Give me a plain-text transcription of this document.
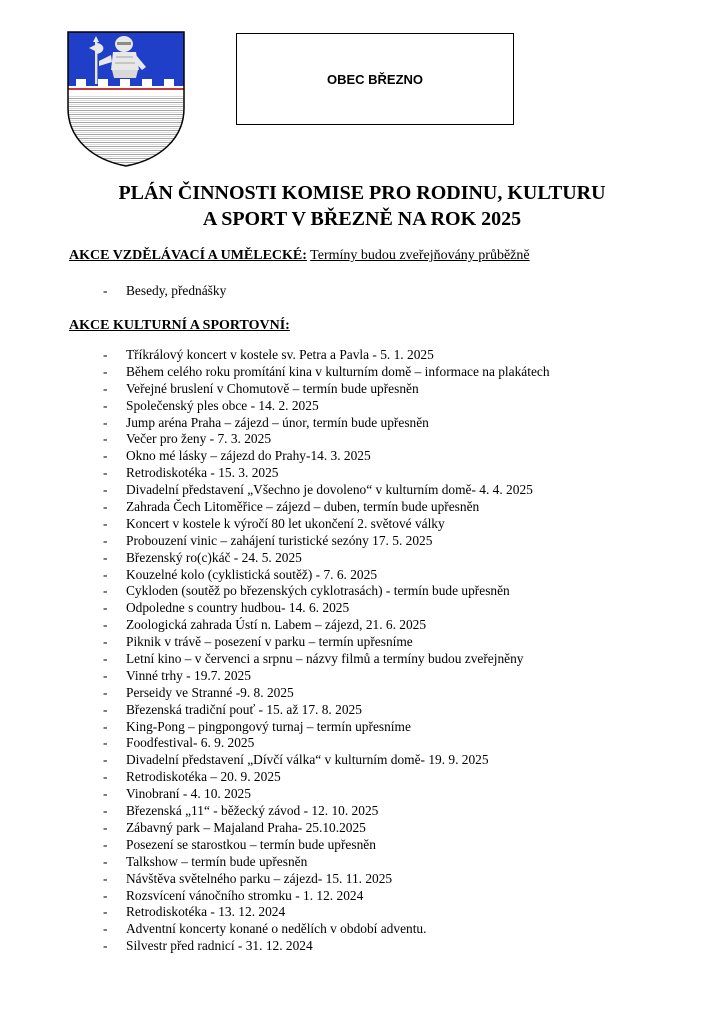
OBEC BŘEZNO
PLÁN ČINNOSTI KOMISE PRO RODINU, KULTURU
A SPORT V BŘEZNĚ NA ROK 2025
AKCE VZDĚLÁVACÍ A UMĚLECKÉ: Termíny budou zveřejňovány průběžně
- Besedy, přednášky
AKCE KULTURNÍ A SPORTOVNÍ:
- Tříkrálový koncert v kostele sv. Petra a Pavla - 5. 1. 2025
- Během celého roku promítání kina v kulturním domě – informace na plakátech
- Veřejné bruslení v Chomutově – termín bude upřesněn
- Společenský ples obce - 14. 2. 2025
- Jump aréna Praha – zájezd – únor, termín bude upřesněn
- Večer pro ženy - 7. 3. 2025
- Okno mé lásky – zájezd do Prahy-14. 3. 2025
- Retrodiskotéka - 15. 3. 2025
- Divadelní představení „Všechno je dovoleno“ v kulturním domě- 4. 4. 2025
- Zahrada Čech Litoměřice – zájezd – duben, termín bude upřesněn
- Koncert v kostele k výročí 80 let ukončení 2. světové války
- Probouzení vinic – zahájení turistické sezóny 17. 5. 2025
- Březenský ro(c)káč - 24. 5. 2025
- Kouzelné kolo (cyklistická soutěž) - 7. 6. 2025
- Cykloden (soutěž po březenských cyklotrasách) - termín bude upřesněn
- Odpoledne s country hudbou- 14. 6. 2025
- Zoologická zahrada Ústí n. Labem – zájezd, 21. 6. 2025
- Piknik v trávě – posezení v parku – termín upřesníme
- Letní kino – v červenci a srpnu – názvy filmů a termíny budou zveřejněny
- Vinné trhy - 19.7. 2025
- Perseidy ve Stranné -9. 8. 2025
- Březenská tradiční pouť - 15. až 17. 8. 2025
- King-Pong – pingpongový turnaj – termín upřesníme
- Foodfestival- 6. 9. 2025
- Divadelní představení „Dívčí válka“ v kulturním domě- 19. 9. 2025
- Retrodiskotéka – 20. 9. 2025
- Vinobraní - 4. 10. 2025
- Březenská „11“ - běžecký závod - 12. 10. 2025
- Zábavný park – Majaland Praha- 25.10.2025
- Posezení se starostkou – termín bude upřesněn
- Talkshow – termín bude upřesněn
- Návštěva světelného parku – zájezd- 15. 11. 2025
- Rozsvícení vánočního stromku - 1. 12. 2024
- Retrodiskotéka - 13. 12. 2024
- Adventní koncerty konané o nedělích v období adventu.
- Silvestr před radnicí - 31. 12. 2024
